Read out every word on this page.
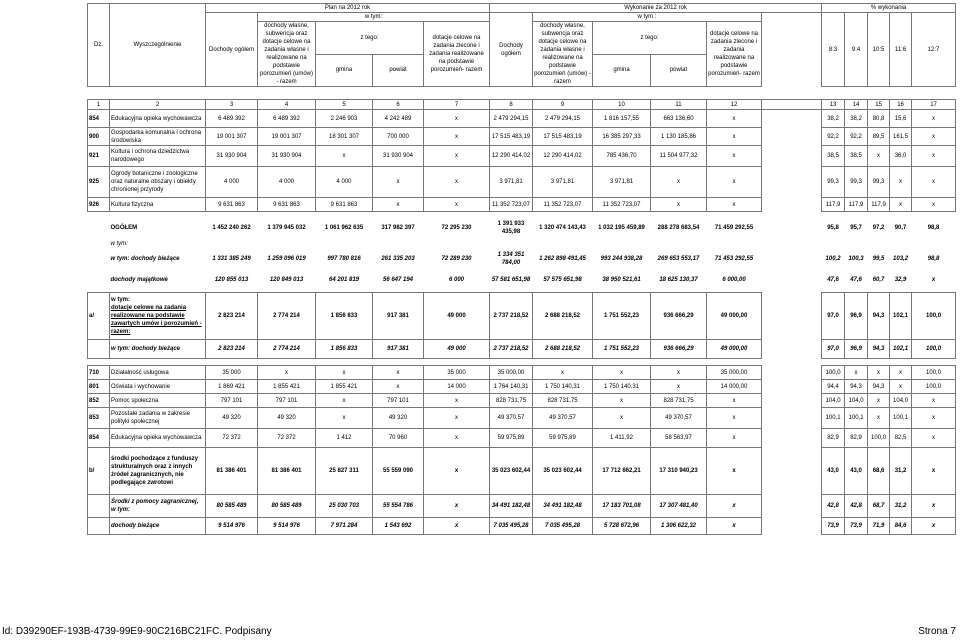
Dz.	Wyszczególnienie	Plan na 2012 rok					Wykonanie za 2012 rok						% wykonania				
		Dochody ogółem	w tym:				Dochody ogółem	w tym :					8:3	9:4	10:5	11:6	12:7
			dochody własne, subwencja oraz dotacje celowe na zadania własne i realizowane na podstawie porozumień (umów) - razem	z tego:		dotacje celowe na zadania zlecone i zadania realizowane na podstawie porozumień- razem		dochody własne, subwencja oraz dotacje celowe na zadania własne i realizowane na podstawie porozumień (umów) - razem	z tego:		dotacje celowe na zadania zlecone i zadania realizowane na podstawie porozumień- razem						
				gmina	powiat				gmina	powiat							

1	2	3	4	5	6	7	8	9	10	11	12		13	14	15	16	17
854	Edukacyjna opieka wychowawcza	6 489 392	6 489 392	2 246 903	4 242 489	x	2 479 294,15	2 479 294,15	1 816 157,55	663 136,60	x		38,2	38,2	80,8	15,6	x
900	Gospodarka komunalna i ochrona środowiska	19 001 307	19 001 307	18 301 307	700 000	x	17 515 483,19	17 515 483,19	16 385 297,33	1 130 185,86	x		92,2	92,2	89,5	161,5	x
921	Kultura i ochrona dziedzictwa narodowego	31 930 904	31 930 904	x	31 930 904	x	12 290 414,02	12 290 414,02	785 436,70	11 504 977,32	x		38,5	38,5	x	36,0	x
925	Ogrody botaniczne i zoologiczne oraz naturalne obszary i obiekty chronionej przyrody	4 000	4 000	4 000	x	x	3 971,81	3 971,81	3 971,81	x	x		99,3	99,3	99,3	x	x
926	Kultura fizyczna	9 631 863	9 631 863	9 631 863	x	x	11 352 723,07	11 352 723,07	11 352 723,07	x	x		117,9	117,9	117,9	x	x

	OGÓŁEM	1 452 240 262	1 379 945 032	1 061 962 635	317 982 397	72 295 230	1 391 933 435,98	1 320 474 143,43	1 032 195 459,89	288 278 683,54	71 459 292,55		95,8	95,7	97,2	90,7	98,8

	w tym:																
	w tym: dochody bieżące	1 331 385 249	1 259 096 019	997 780 816	261 335 203	72 289 230	1 334 351 784,00	1 262 898 491,45	993 244 938,28	269 653 553,17	71 453 292,55		100,2	100,3	99,5	103,2	98,8

	dochody majątkowe	120 855 013	120 849 013	64 201 819	56 647 194	6 000	57 581 651,98	57 575 651,98	38 950 521,61	18 625 130,37	6 000,00		47,6	47,6	60,7	32,9	x

a/	w tym:
dotacje celowe na zadania realizowane na podstawie zawartych umów i porozumień - razem:	2 823 214	2 774 214	1 856 833	917 381	49 000	2 737 218,52	2 688 218,52	1 751 552,23	936 666,29	49 000,00		97,0	96,9	94,3	102,1	100,0
	w tym: dochody bieżące	2 823 214	2 774 214	1 856 833	917 381	49 000	2 737 218,52	2 688 218,52	1 751 552,23	936 666,29	49 000,00		97,0	96,9	94,3	102,1	100,0

710	Działalność usługowa	35 000	x	x	x	35 000	35 000,00	x	x	x	35 000,00		100,0	x	x	x	100,0
801	Oświata i wychowanie	1 869 421	1 855 421	1 855 421	x	14 000	1 764 140,31	1 750 140,31	1 750 140,31	x	14 000,00		94,4	94,3	94,3	x	100,0
852	Pomoc społeczna	797 101	797 101	x	797 101	x	828 731,75	828 731,75	x	828 731,75	x		104,0	104,0	x	104,0	x
853	Pozostałe zadania w zakresie polityki społecznej	49 320	49 320	x	49 320	x	49 370,57	49 370,57	x	49 370,57	x		100,1	100,1	x	100,1	x
854	Edukacyjna opieka wychowawcza	72 372	72 372	1 412	70 960	x	59 975,89	59 975,89	1 411,92	58 563,97	x		82,9	82,9	100,0	82,5	x
b/	środki pochodzące z funduszy strukturalnych oraz z innych źródeł zagranicznych, nie podlegające zwrotowi	81 386 401	81 386 401	25 827 311	55 559 090	x	35 023 602,44	35 023 602,44	17 712 662,21	17 310 940,23	x		43,0	43,0	68,6	31,2	x
	Środki z pomocy zagranicznej, w tym:	80 585 489	80 585 489	25 030 703	55 554 786	x	34 491 182,48	34 491 182,48	17 183 701,08	17 307 481,40	x		42,8	42,8	68,7	31,2	x
	dochody bieżące	9 514 976	9 514 976	7 971 284	1 543 692	x	7 035 495,28	7 035 495,28	5 728 672,96	1 306 622,32	x		73,9	73,9	71,9	84,6	x
Id: D39290EF-193B-4739-99E9-90C216BC21FC. Podpisany	Strona 7
